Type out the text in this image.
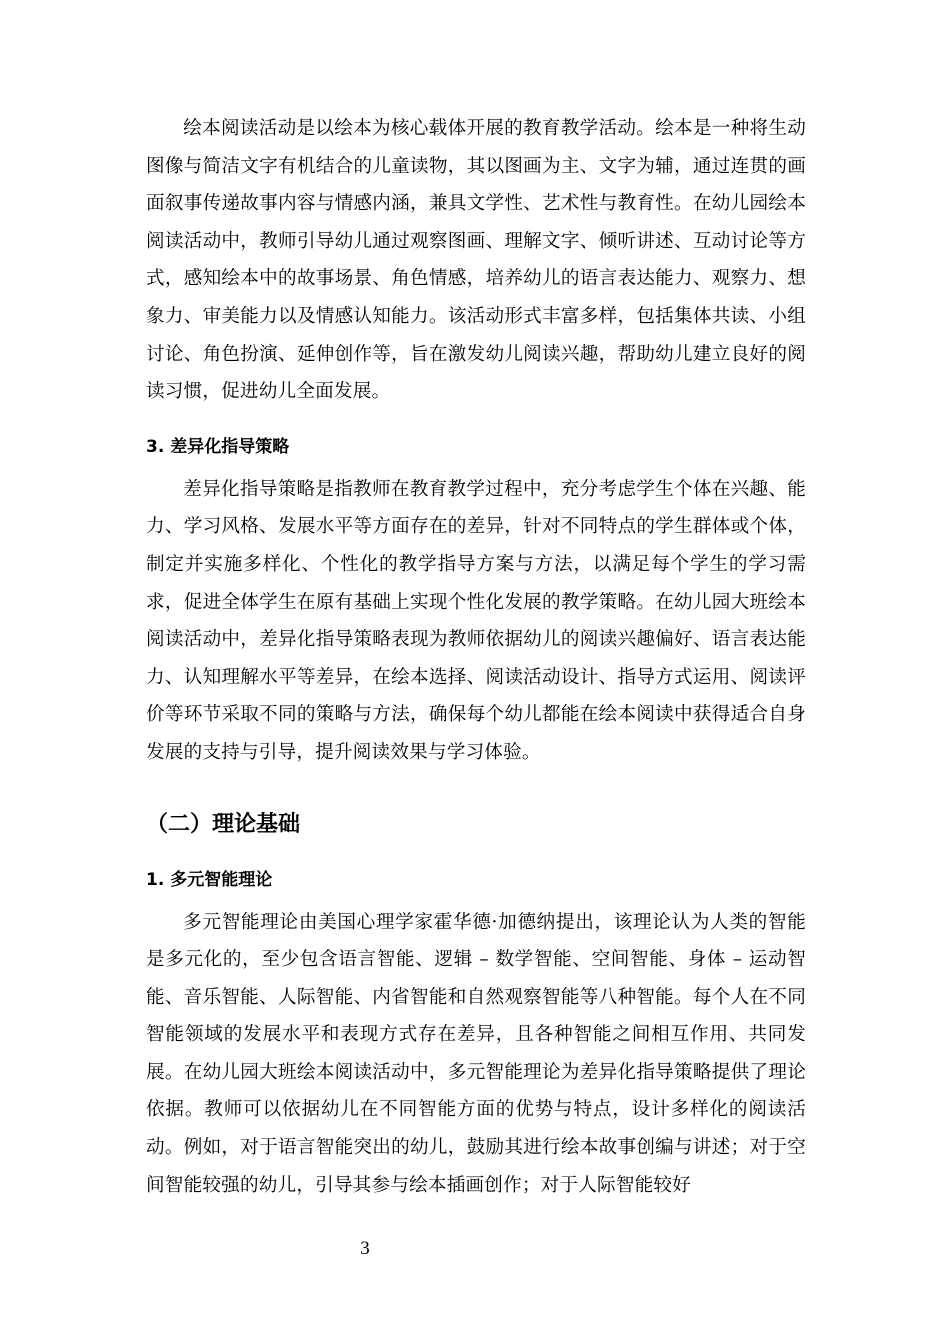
绘本阅读活动是以绘本为核心载体开展的教育教学活动。绘本是一种将生动图像与简洁文字有机结合的儿童读物，其以图画为主、文字为辅，通过连贯的画面叙事传递故事内容与情感内涵，兼具文学性、艺术性与教育性。在幼儿园绘本阅读活动中，教师引导幼儿通过观察图画、理解文字、倾听讲述、互动讨论等方式，感知绘本中的故事场景、角色情感，培养幼儿的语言表达能力、观察力、想象力、审美能力以及情感认知能力。该活动形式丰富多样，包括集体共读、小组讨论、角色扮演、延伸创作等，旨在激发幼儿阅读兴趣，帮助幼儿建立良好的阅读习惯，促进幼儿全面发展。

3. 差异化指导策略

差异化指导策略是指教师在教育教学过程中，充分考虑学生个体在兴趣、能力、学习风格、发展水平等方面存在的差异，针对不同特点的学生群体或个体，制定并实施多样化、个性化的教学指导方案与方法，以满足每个学生的学习需求，促进全体学生在原有基础上实现个性化发展的教学策略。在幼儿园大班绘本阅读活动中，差异化指导策略表现为教师依据幼儿的阅读兴趣偏好、语言表达能力、认知理解水平等差异，在绘本选择、阅读活动设计、指导方式运用、阅读评价等环节采取不同的策略与方法，确保每个幼儿都能在绘本阅读中获得适合自身发展的支持与引导，提升阅读效果与学习体验。

（二）理论基础
1. 多元智能理论

多元智能理论由美国心理学家霍华德·加德纳提出，该理论认为人类的智能是多元化的，至少包含语言智能、逻辑 – 数学智能、空间智能、身体 – 运动智能、音乐智能、人际智能、内省智能和自然观察智能等八种智能。每个人在不同智能领域的发展水平和表现方式存在差异，且各种智能之间相互作用、共同发展。在幼儿园大班绘本阅读活动中，多元智能理论为差异化指导策略提供了理论依据。教师可以依据幼儿在不同智能方面的优势与特点，设计多样化的阅读活动。例如，对于语言智能突出的幼儿，鼓励其进行绘本故事创编与讲述；对于空间智能较强的幼儿，引导其参与绘本插画创作；对于人际智能较好

3
